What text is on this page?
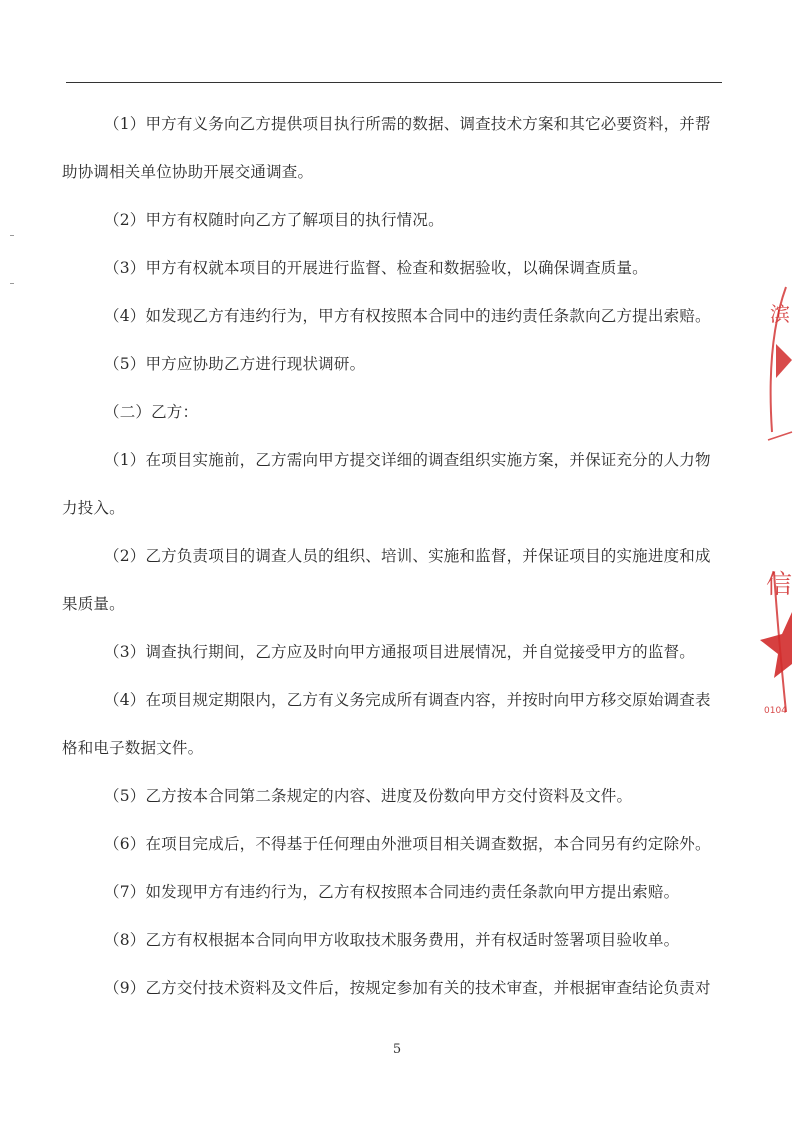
（1）甲方有义务向乙方提供项目执行所需的数据、调查技术方案和其它必要资料，并帮助协调相关单位协助开展交通调查。

（2）甲方有权随时向乙方了解项目的执行情况。

（3）甲方有权就本项目的开展进行监督、检查和数据验收，以确保调查质量。

（4）如发现乙方有违约行为，甲方有权按照本合同中的违约责任条款向乙方提出索赔。

（5）甲方应协助乙方进行现状调研。

（二）乙方：

（1）在项目实施前，乙方需向甲方提交详细的调查组织实施方案，并保证充分的人力物力投入。

（2）乙方负责项目的调查人员的组织、培训、实施和监督，并保证项目的实施进度和成果质量。

（3）调查执行期间，乙方应及时向甲方通报项目进展情况，并自觉接受甲方的监督。

（4）在项目规定期限内，乙方有义务完成所有调查内容，并按时向甲方移交原始调查表格和电子数据文件。

（5）乙方按本合同第二条规定的内容、进度及份数向甲方交付资料及文件。

（6）在项目完成后，不得基于任何理由外泄项目相关调查数据，本合同另有约定除外。

（7）如发现甲方有违约行为，乙方有权按照本合同违约责任条款向甲方提出索赔。

（8）乙方有权根据本合同向甲方收取技术服务费用，并有权适时签署项目验收单。

（9）乙方交付技术资料及文件后，按规定参加有关的技术审查，并根据审查结论负责对

5
滨
信
0104
